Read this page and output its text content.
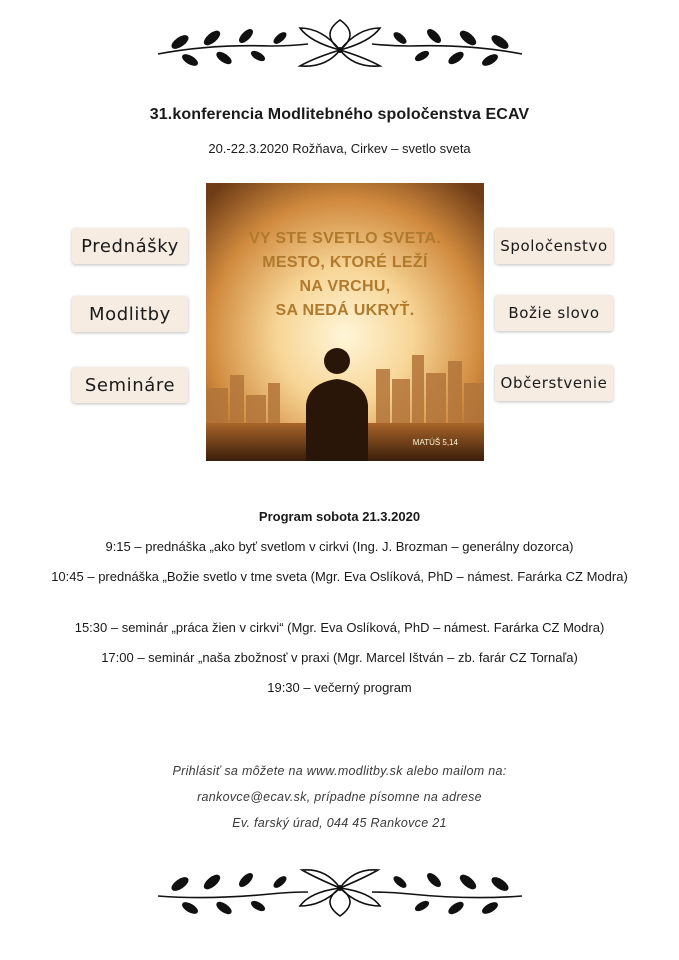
31.konferencia Modlitebného spoločenstva ECAV
20.-22.3.2020 Rožňava, Cirkev – svetlo sveta
VY STE SVETLO SVETA.
MESTO, KTORÉ LEŽÍ
NA VRCHU,
SA NEDÁ UKRYŤ.
MATÚŠ 5,14
Prednášky
Modlitby
Semináre
Spoločenstvo
Božie slovo
Občerstvenie
Program sobota 21.3.2020
9:15 – prednáška „ako byť svetlom v cirkvi (Ing. J. Brozman – generálny dozorca)
10:45 – prednáška „Božie svetlo v tme sveta (Mgr. Eva Oslíková, PhD – námest. Farárka CZ Modra)
15:30 – seminár „práca žien v cirkvi“ (Mgr. Eva Oslíková, PhD – námest. Farárka CZ Modra)
17:00 – seminár „naša zbožnosť v praxi (Mgr. Marcel Ištván – zb. farár CZ Tornaľa)
19:30 – večerný program
Prihlásiť sa môžete na www.modlitby.sk alebo mailom na:
rankovce@ecav.sk, prípadne písomne na adrese
Ev. farský úrad, 044 45 Rankovce 21
